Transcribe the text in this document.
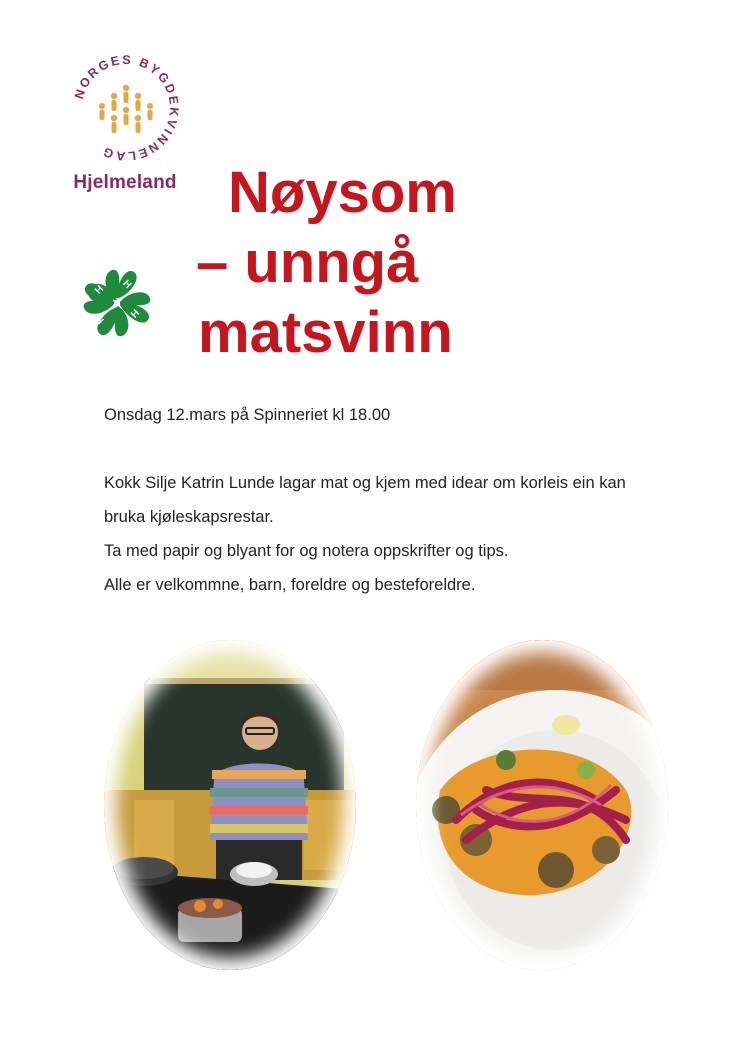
NORGES BYGDEKVINNELAG
Hjelmeland
H H
H
H
Nøysom
– unngå
matsvinn

Onsdag 12.mars på Spinneriet kl 18.00

Kokk Silje Katrin Lunde lagar mat og kjem med idear om korleis ein kan

bruka kjøleskapsrestar.

Ta med papir og blyant for og notera oppskrifter og tips.

Alle er velkommne, barn, foreldre og besteforeldre.
